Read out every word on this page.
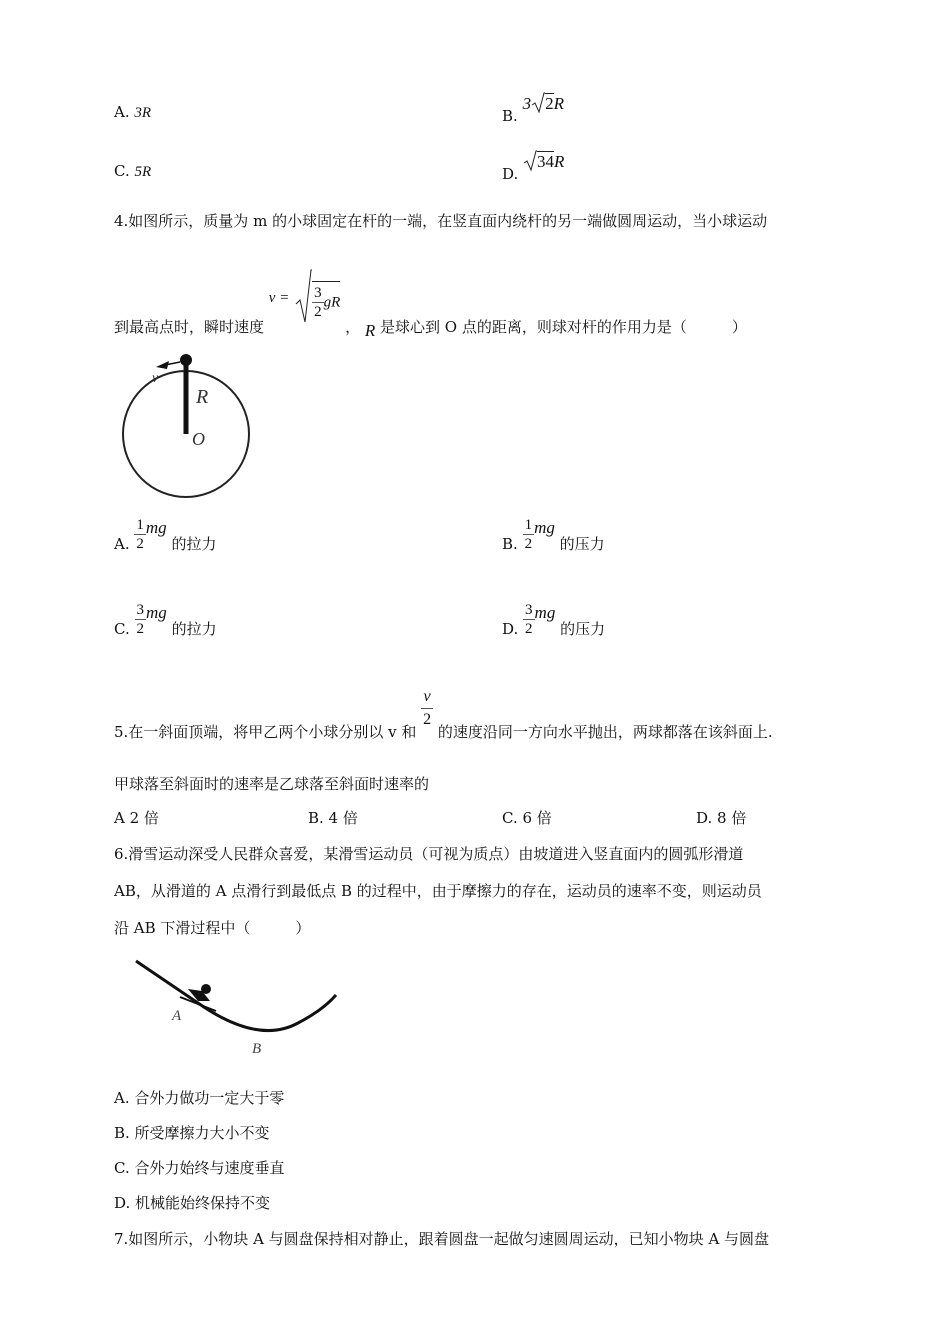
A. 3R	B. 3 2R
C. 5R	D. 34R
4.如图所示，质量为 m 的小球固定在杆的一端，在竖直面内绕杆的另一端做圆周运动，当小球运动
到最高点时，瞬时速度 $v = \frac{3}{2}$ gR ， R 是球心到 O 点的距离，则球对杆的作用力是（　　　）
v
R
O
A. $\frac{1}{2}$ mg 的拉力	B. $\frac{1}{2}$ mg 的压力
C. $\frac{3}{2}$ mg 的拉力	D. $\frac{3}{2}$ mg 的压力
5.在一斜面顶端，将甲乙两个小球分别以 v 和
$\frac{v}{2}$
的速度沿同一方向水平抛出，两球都落在该斜面上.
甲球落至斜面时的速率是乙球落至斜面时速率的
A 2 倍	B. 4 倍	C. 6 倍	D. 8 倍
6.滑雪运动深受人民群众喜爱，某滑雪运动员（可视为质点）由坡道进入竖直面内的圆弧形滑道
AB，从滑道的 A 点滑行到最低点 B 的过程中，由于摩擦力的存在，运动员的速率不变，则运动员
沿 AB 下滑过程中（　　　）
A
B
A. 合外力做功一定大于零
B. 所受摩擦力大小不变
C. 合外力始终与速度垂直
D. 机械能始终保持不变
7.如图所示，小物块 A 与圆盘保持相对静止，跟着圆盘一起做匀速圆周运动，已知小物块 A 与圆盘
